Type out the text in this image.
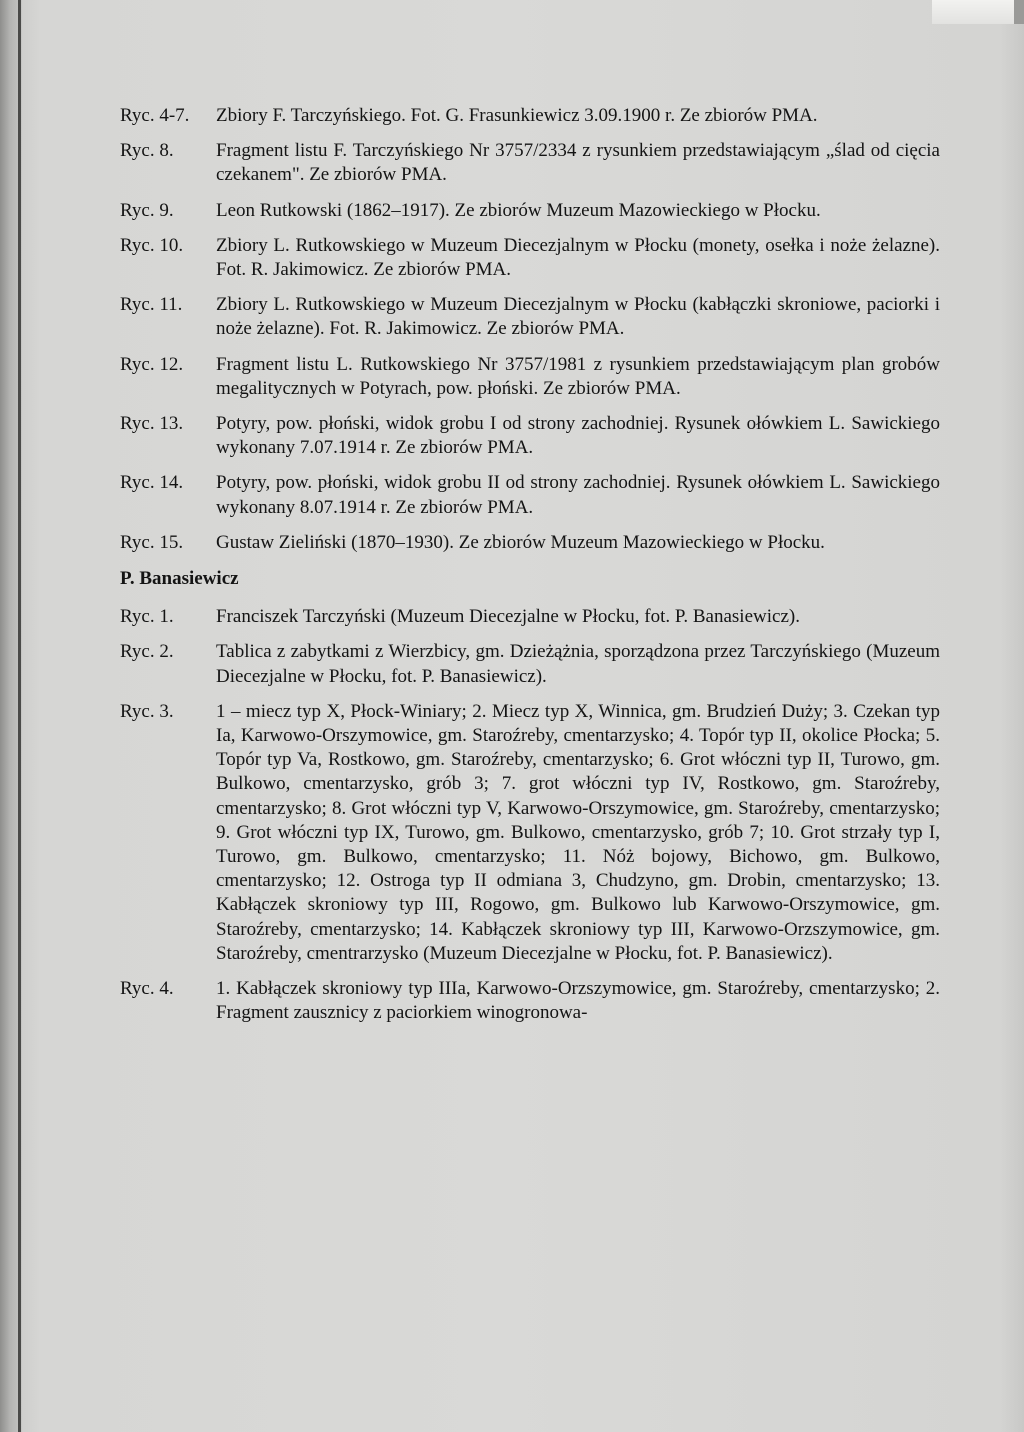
Ryc. 4-7.	Zbiory F. Tarczyńskiego. Fot. G. Frasunkiewicz 3.09.1900 r. Ze zbiorów PMA.
Ryc. 8.	Fragment listu F. Tarczyńskiego Nr 3757/2334 z rysunkiem przedstawiającym „ślad od cięcia czekanem". Ze zbiorów PMA.
Ryc. 9.	Leon Rutkowski (1862–1917). Ze zbiorów Muzeum Mazowieckiego w Płocku.
Ryc. 10.	Zbiory L. Rutkowskiego w Muzeum Diecezjalnym w Płocku (monety, osełka i noże żelazne). Fot. R. Jakimowicz. Ze zbiorów PMA.
Ryc. 11.	Zbiory L. Rutkowskiego w Muzeum Diecezjalnym w Płocku (kabłączki skroniowe, paciorki i noże żelazne). Fot. R. Jakimowicz. Ze zbiorów PMA.
Ryc. 12.	Fragment listu L. Rutkowskiego Nr 3757/1981 z rysunkiem przedstawiającym plan grobów megalitycznych w Potyrach, pow. płoński. Ze zbiorów PMA.
Ryc. 13.	Potyry, pow. płoński, widok grobu I od strony zachodniej. Rysunek ołówkiem L. Sawickiego wykonany 7.07.1914 r. Ze zbiorów PMA.
Ryc. 14.	Potyry, pow. płoński, widok grobu II od strony zachodniej. Rysunek ołówkiem L. Sawickiego wykonany 8.07.1914 r. Ze zbiorów PMA.
Ryc. 15.	Gustaw Zieliński (1870–1930). Ze zbiorów Muzeum Mazowieckiego w Płocku.
P. Banasiewicz
Ryc. 1.	Franciszek Tarczyński (Muzeum Diecezjalne w Płocku, fot. P. Banasiewicz).
Ryc. 2.	Tablica z zabytkami z Wierzbicy, gm. Dzieżążnia, sporządzona przez Tarczyńskiego (Muzeum Diecezjalne w Płocku, fot. P. Banasiewicz).
Ryc. 3.	1 – miecz typ X, Płock-Winiary; 2. Miecz typ X, Winnica, gm. Brudzień Duży; 3. Czekan typ Ia, Karwowo-Orszymowice, gm. Staroźreby, cmentarzysko; 4. Topór typ II, okolice Płocka; 5. Topór typ Va, Rostkowo, gm. Staroźreby, cmentarzysko; 6. Grot włóczni typ II, Turowo, gm. Bulkowo, cmentarzysko, grób 3; 7. grot włóczni typ IV, Rostkowo, gm. Staroźreby, cmentarzysko; 8. Grot włóczni typ V, Karwowo-Orszymowice, gm. Staroźreby, cmentarzysko; 9. Grot włóczni typ IX, Turowo, gm. Bulkowo, cmentarzysko, grób 7; 10. Grot strzały typ I, Turowo, gm. Bulkowo, cmentarzysko; 11. Nóż bojowy, Bichowo, gm. Bulkowo, cmentarzysko; 12. Ostroga typ II odmiana 3, Chudzyno, gm. Drobin, cmentarzysko; 13. Kabłączek skroniowy typ III, Rogowo, gm. Bulkowo lub Karwowo-Orszymowice, gm. Staroźreby, cmentarzysko; 14. Kabłączek skroniowy typ III, Karwowo-Orzszymowice, gm. Staroźreby, cmentrarzysko (Muzeum Diecezjalne w Płocku, fot. P. Banasiewicz).
Ryc. 4.	1. Kabłączek skroniowy typ IIIa, Karwowo-Orzszymowice, gm. Staroźreby, cmentarzysko; 2. Fragment zausznicy z paciorkiem winogronowa-
